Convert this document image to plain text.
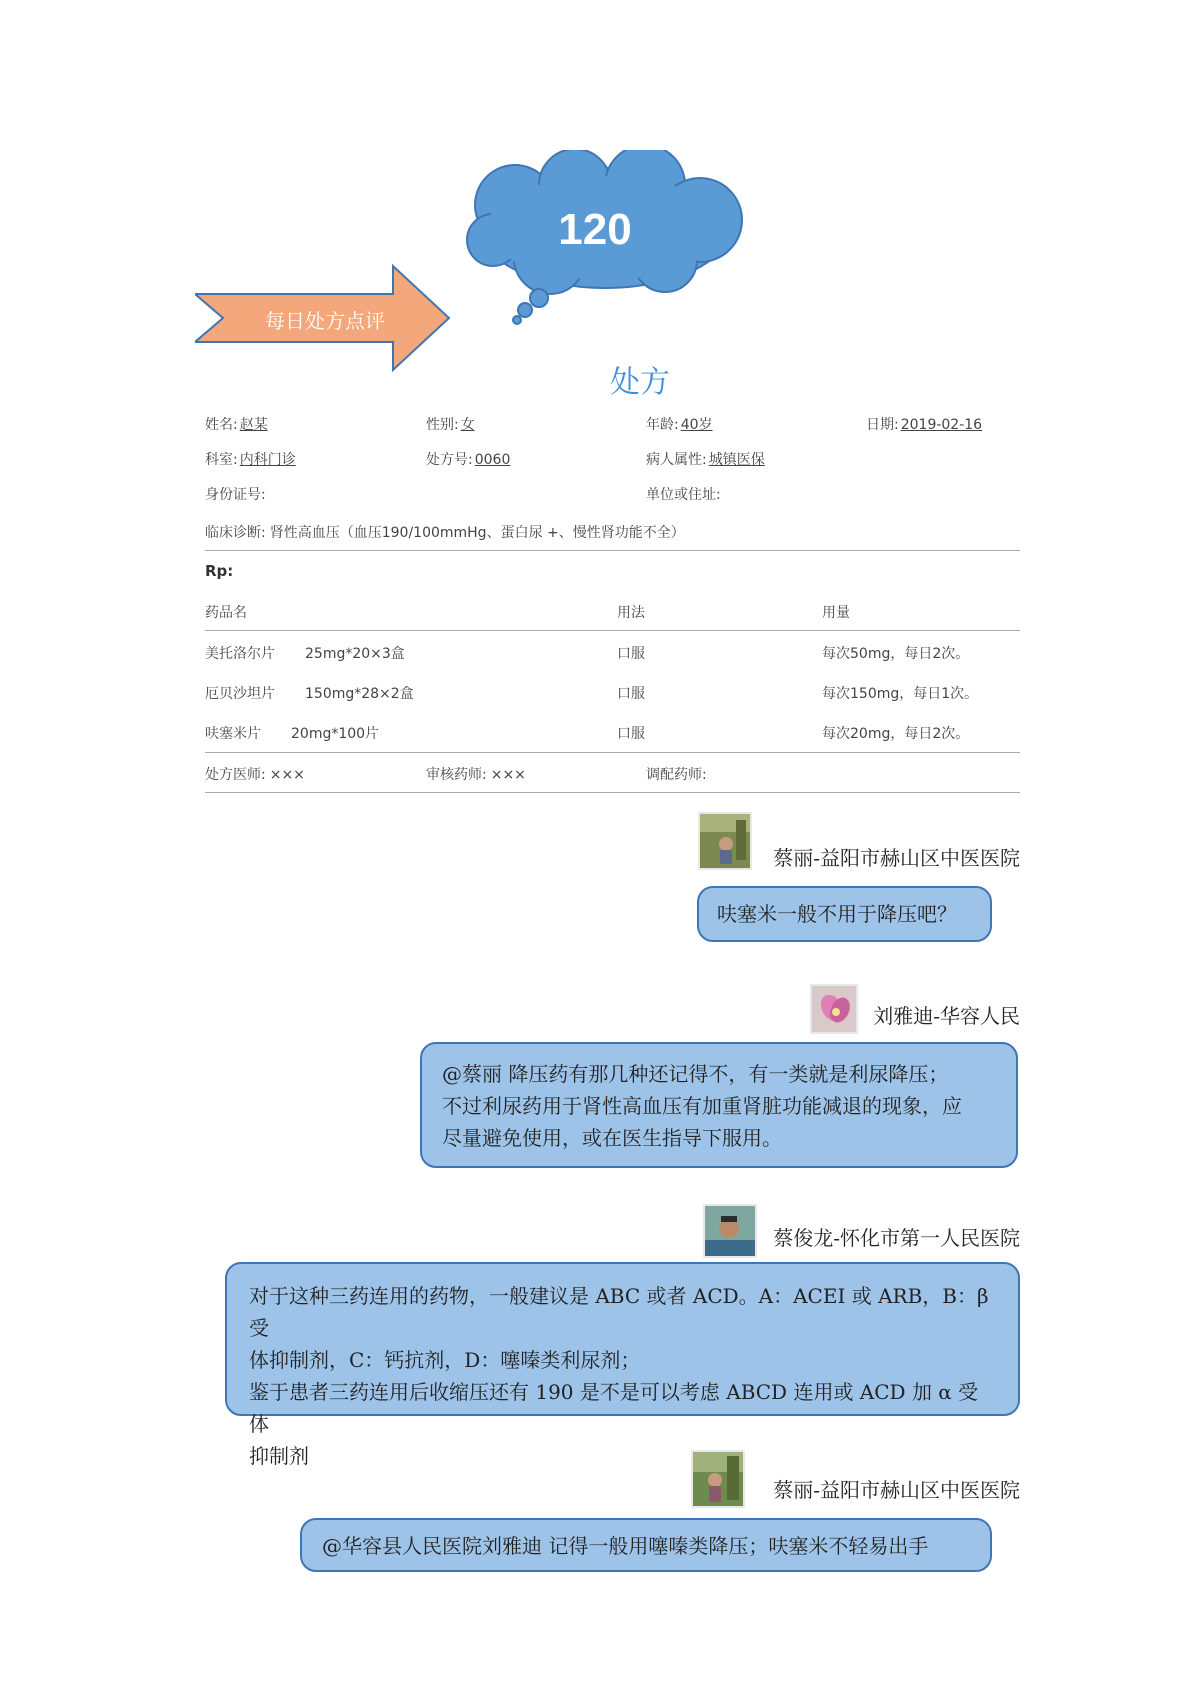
每日处方点评
120
处方
姓名: 赵某	性别: 女	年龄: 40岁	日期: 2019-02-16
科室: 内科门诊	处方号: 0060	病人属性: 城镇医保
身份证号:	单位或住址:
临床诊断: 肾性高血压（血压190/100mmHg、蛋白尿 +、慢性肾功能不全）
Rp:
药品名	用法	用量
美托洛尔片 25mg*20×3盒	口服	每次50mg，每日2次。
厄贝沙坦片 150mg*28×2盒	口服	每次150mg，每日1次。
呋塞米片 20mg*100片	口服	每次20mg，每日2次。
处方医师: ×××	审核药师: ×××	调配药师:
蔡丽-益阳市赫山区中医医院

呋塞米一般不用于降压吧？

刘雅迪-华容人民

@蔡丽 降压药有那几种还记得不，有一类就是利尿降压；

不过利尿药用于肾性高血压有加重肾脏功能减退的现象，应

尽量避免使用，或在医生指导下服用。

蔡俊龙-怀化市第一人民医院

对于这种三药连用的药物，一般建议是 ABC 或者 ACD。A：ACEI 或 ARB，B：β 受

体抑制剂，C：钙抗剂，D：噻嗪类利尿剂；

鉴于患者三药连用后收缩压还有 190 是不是可以考虑 ABCD 连用或 ACD 加 α 受体

抑制剂

蔡丽-益阳市赫山区中医医院

@华容县人民医院刘雅迪 记得一般用噻嗪类降压；呋塞米不轻易出手
